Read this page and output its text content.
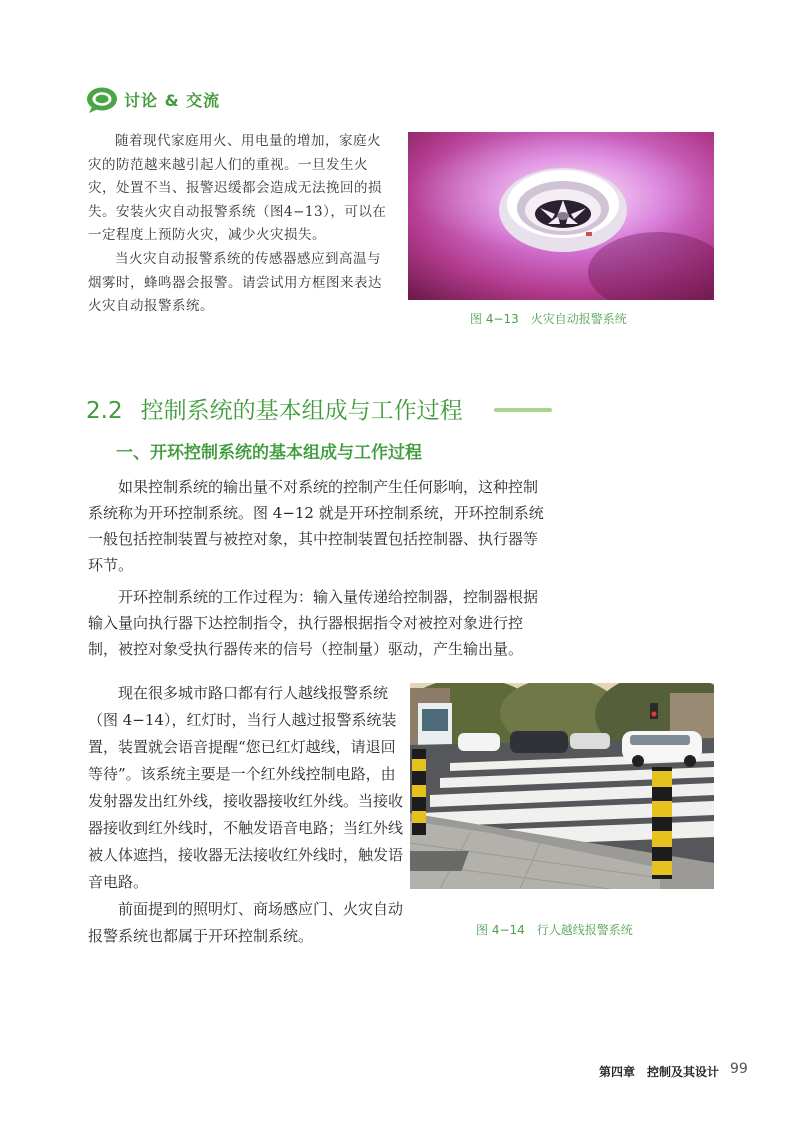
讨论 & 交流

随着现代家庭用火、用电量的增加，家庭火灾的防范越来越引起人们的重视。一旦发生火灾，处置不当、报警迟缓都会造成无法挽回的损失。安装火灾自动报警系统（图4−13），可以在一定程度上预防火灾，减少火灾损失。

当火灾自动报警系统的传感器感应到高温与烟雾时，蜂鸣器会报警。请尝试用方框图来表达火灾自动报警系统。

图 4−13　火灾自动报警系统
2.2 控制系统的基本组成与工作过程
一、开环控制系统的基本组成与工作过程

如果控制系统的输出量不对系统的控制产生任何影响，这种控制系统称为开环控制系统。图 4−12 就是开环控制系统，开环控制系统一般包括控制装置与被控对象，其中控制装置包括控制器、执行器等环节。

开环控制系统的工作过程为：输入量传递给控制器，控制器根据输入量向执行器下达控制指令，执行器根据指令对被控对象进行控制，被控对象受执行器传来的信号（控制量）驱动，产生输出量。

现在很多城市路口都有行人越线报警系统（图 4−14），红灯时，当行人越过报警系统装置，装置就会语音提醒“您已红灯越线，请退回等待”。该系统主要是一个红外线控制电路，由发射器发出红外线，接收器接收红外线。当接收器接收到红外线时，不触发语音电路；当红外线被人体遮挡，接收器无法接收红外线时，触发语音电路。

前面提到的照明灯、商场感应门、火灾自动报警系统也都属于开环控制系统。	图 4−14　行人越线报警系统
第四章　控制及其设计 99
